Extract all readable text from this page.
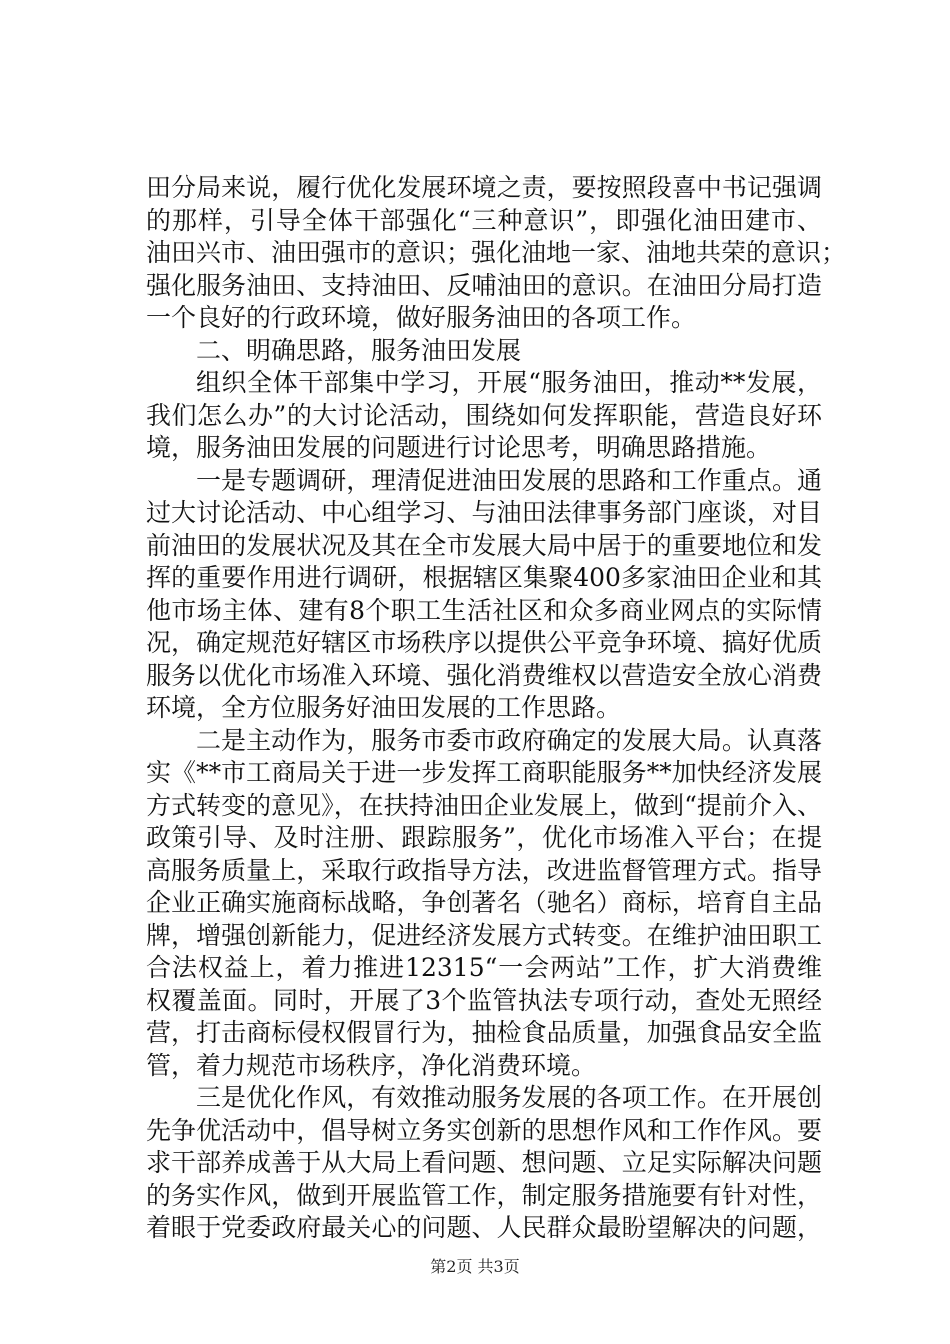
田分局来说，履行优化发展环境之责，要按照段喜中书记强调
的那样，引导全体干部强化“三种意识”，即强化油田建市、
油田兴市、油田强市的意识；强化油地一家、油地共荣的意识；
强化服务油田、支持油田、反哺油田的意识。在油田分局打造
一个良好的行政环境，做好服务油田的各项工作。
二、明确思路，服务油田发展
组织全体干部集中学习，开展“服务油田，推动**发展，
我们怎么办”的大讨论活动，围绕如何发挥职能，营造良好环
境，服务油田发展的问题进行讨论思考，明确思路措施。
一是专题调研，理清促进油田发展的思路和工作重点。通
过大讨论活动、中心组学习、与油田法律事务部门座谈，对目
前油田的发展状况及其在全市发展大局中居于的重要地位和发
挥的重要作用进行调研，根据辖区集聚400多家油田企业和其
他市场主体、建有8个职工生活社区和众多商业网点的实际情
况，确定规范好辖区市场秩序以提供公平竞争环境、搞好优质
服务以优化市场准入环境、强化消费维权以营造安全放心消费
环境，全方位服务好油田发展的工作思路。
二是主动作为，服务市委市政府确定的发展大局。认真落
实《**市工商局关于进一步发挥工商职能服务**加快经济发展
方式转变的意见》，在扶持油田企业发展上，做到“提前介入、
政策引导、及时注册、跟踪服务”，优化市场准入平台；在提
高服务质量上，采取行政指导方法，改进监督管理方式。指导
企业正确实施商标战略，争创著名（驰名）商标，培育自主品
牌，增强创新能力，促进经济发展方式转变。在维护油田职工
合法权益上，着力推进12315“一会两站”工作，扩大消费维
权覆盖面。同时，开展了3个监管执法专项行动，查处无照经
营，打击商标侵权假冒行为，抽检食品质量，加强食品安全监
管，着力规范市场秩序，净化消费环境。
三是优化作风，有效推动服务发展的各项工作。在开展创
先争优活动中，倡导树立务实创新的思想作风和工作作风。要
求干部养成善于从大局上看问题、想问题、立足实际解决问题
的务实作风，做到开展监管工作，制定服务措施要有针对性，
着眼于党委政府最关心的问题、人民群众最盼望解决的问题，
第2页 共3页
